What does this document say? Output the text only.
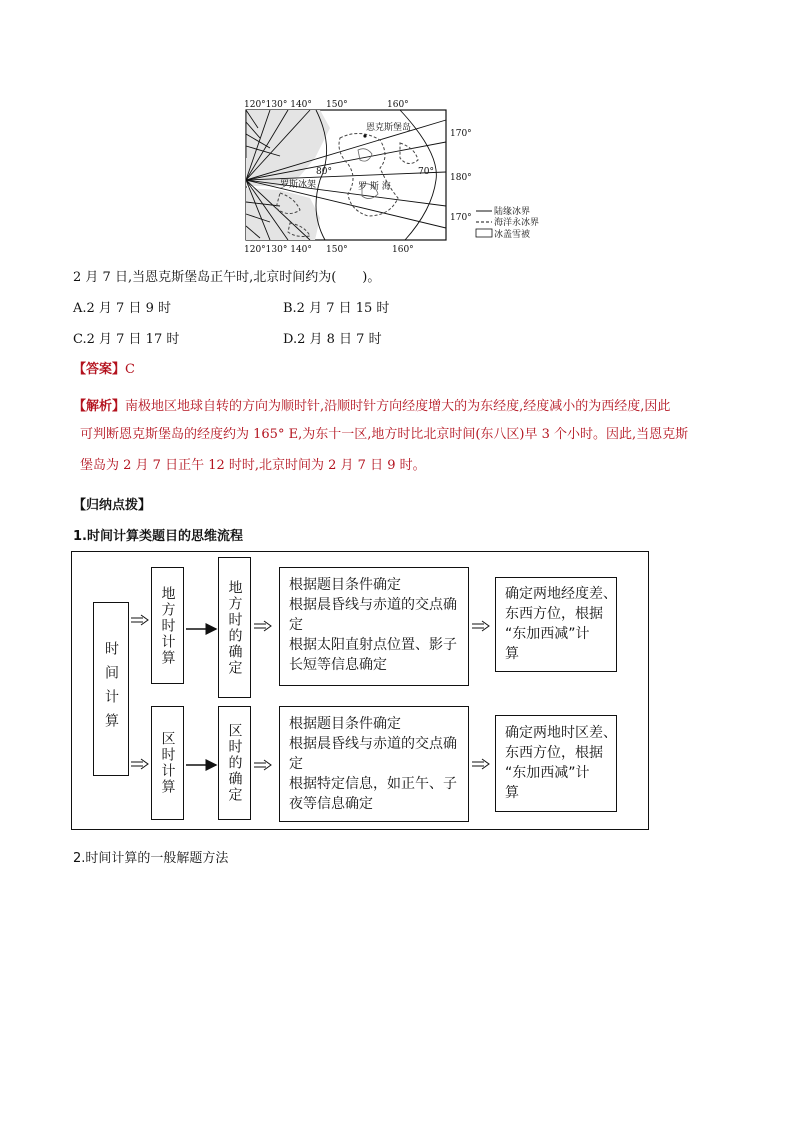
120°130° 140° 150°	160°
120°130° 140° 150°	160°
170°
180°
170°
80°	70°
恩克斯堡岛
罗斯冰架	罗 斯 海
陆缘冰界
海洋永冰界
冰盖雪被
2 月 7 日,当恩克斯堡岛正午时,北京时间约为(　　)。
A.2 月 7 日 9 时	B.2 月 7 日 15 时
C.2 月 7 日 17 时	D.2 月 8 日 7 时
【答案】C
【解析】南极地区地球自转的方向为顺时针,沿顺时针方向经度增大的为东经度,经度减小的为西经度,因此
可判断恩克斯堡岛的经度约为 165° E,为东十一区,地方时比北京时间(东八区)早 3 个小时。因此,当恩克斯
堡岛为 2 月 7 日正午 12 时时,北京时间为 2 月 7 日 9 时。
【归纳点拨】
1.时间计算类题目的思维流程
时间计算
地方时计算	地方时的确定	根据题目条件确定
根据晨昏线与赤道的交点确
定
根据太阳直射点位置、影子
长短等信息确定
确定两地经度差、
东西方位，根据
“东加西减”计
算
区时计算	区时的确定	根据题目条件确定
根据晨昏线与赤道的交点确
定
根据特定信息，如正午、子
夜等信息确定
确定两地时区差、
东西方位，根据
“东加西减”计
算
2.时间计算的一般解题方法
